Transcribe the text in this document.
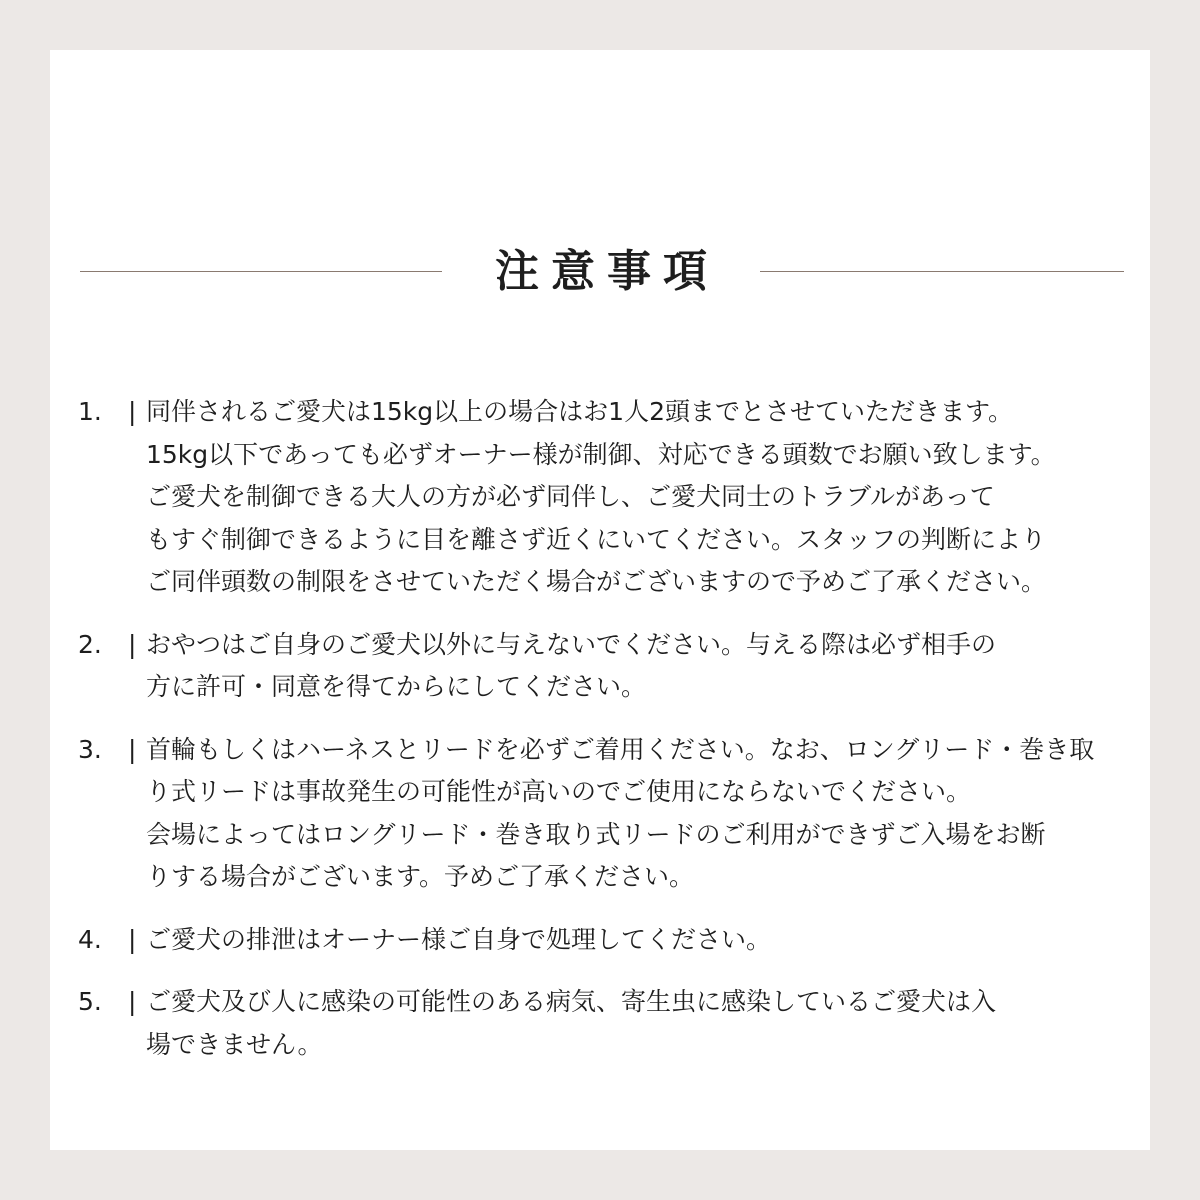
注意事項
1.	| 同伴されるご愛犬は15kg以上の場合はお1人2頭までとさせていただきます。
15kg以下であっても必ずオーナー様が制御、対応できる頭数でお願い致します。
ご愛犬を制御できる大人の方が必ず同伴し、ご愛犬同士のトラブルがあって
もすぐ制御できるように目を離さず近くにいてください。スタッフの判断により
ご同伴頭数の制限をさせていただく場合がございますので予めご了承ください。
2.	| おやつはご自身のご愛犬以外に与えないでください。与える際は必ず相手の
方に許可・同意を得てからにしてください。
3.	| 首輪もしくはハーネスとリードを必ずご着用ください。なお、ロングリード・巻き取
り式リードは事故発生の可能性が高いのでご使用にならないでください。
会場によってはロングリード・巻き取り式リードのご利用ができずご入場をお断
りする場合がございます。予めご了承ください。
4.	| ご愛犬の排泄はオーナー様ご自身で処理してください。
5.	| ご愛犬及び人に感染の可能性のある病気、寄生虫に感染しているご愛犬は入
場できません。
